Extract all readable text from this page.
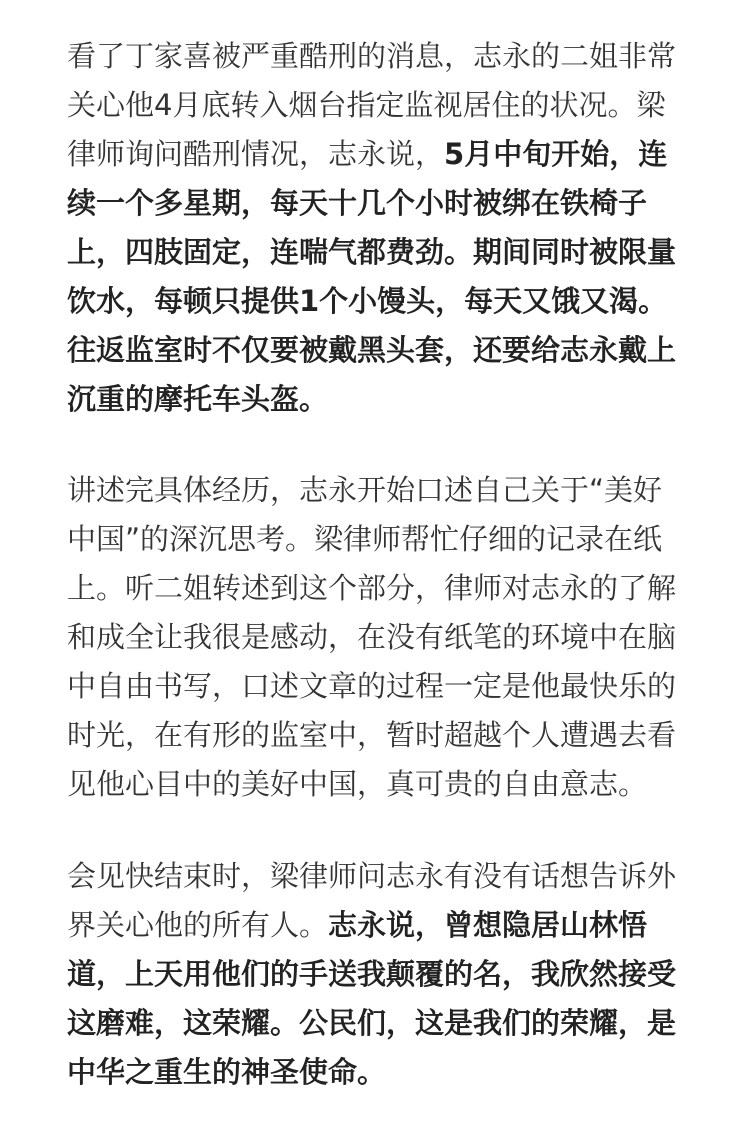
看了丁家喜被严重酷刑的消息，志永的二姐非常关心他4月底转入烟台指定监视居住的状况。梁律师询问酷刑情况，志永说，5月中旬开始，连续一个多星期，每天十几个小时被绑在铁椅子上，四肢固定，连喘气都费劲。期间同时被限量饮水，每顿只提供1个小馒头，每天又饿又渴。往返监室时不仅要被戴黑头套，还要给志永戴上沉重的摩托车头盔。

讲述完具体经历，志永开始口述自己关于“美好中国”的深沉思考。梁律师帮忙仔细的记录在纸上。听二姐转述到这个部分，律师对志永的了解和成全让我很是感动，在没有纸笔的环境中在脑中自由书写，口述文章的过程一定是他最快乐的时光，在有形的监室中，暂时超越个人遭遇去看见他心目中的美好中国，真可贵的自由意志。

会见快结束时，梁律师问志永有没有话想告诉外界关心他的所有人。志永说，曾想隐居山林悟道，上天用他们的手送我颠覆的名，我欣然接受这磨难，这荣耀。公民们，这是我们的荣耀，是中华之重生的神圣使命。
